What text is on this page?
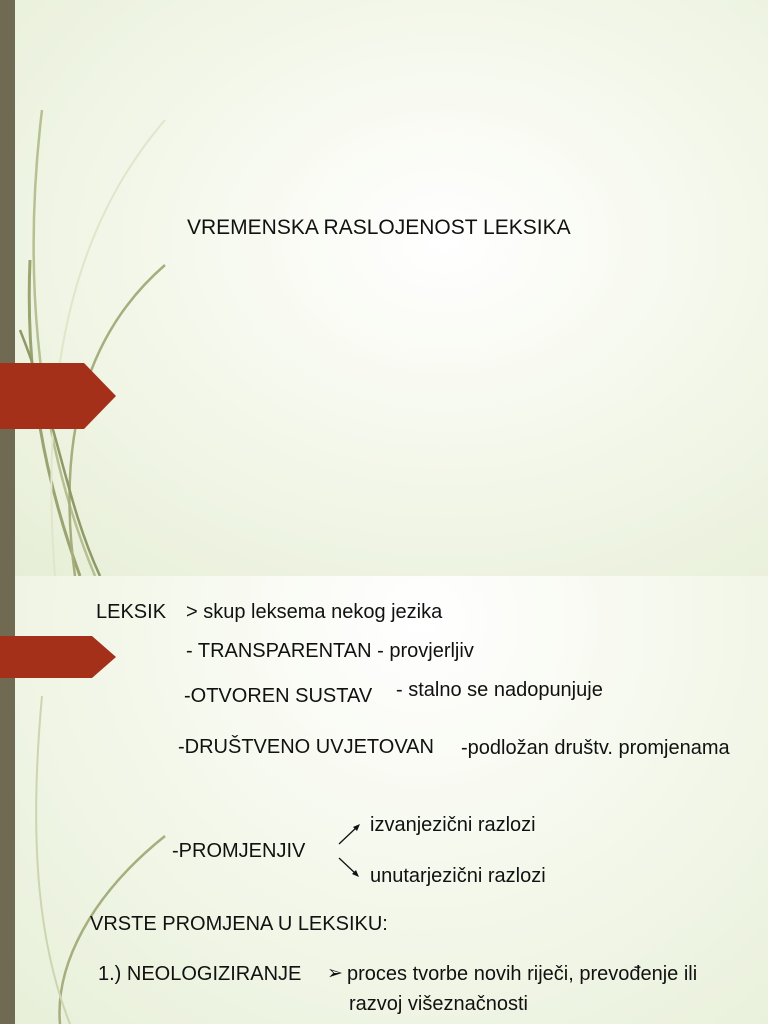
VREMENSKA RASLOJENOST LEKSIKA
LEKSIK > skup leksema nekog jezika
- TRANSPARENTAN - provjerljiv
-OTVOREN SUSTAV - stalno se nadopunjuje
-DRUŠTVENO UVJETOVAN -podložan društv. promjenama
izvanjezični razlozi
-PROMJENJIV
unutarjezični razlozi
VRSTE PROMJENA U LEKSIKU:
1.) NEOLOGIZIRANJE ➢ proces tvorbe novih riječi, prevođenje ili
razvoj višeznačnosti
